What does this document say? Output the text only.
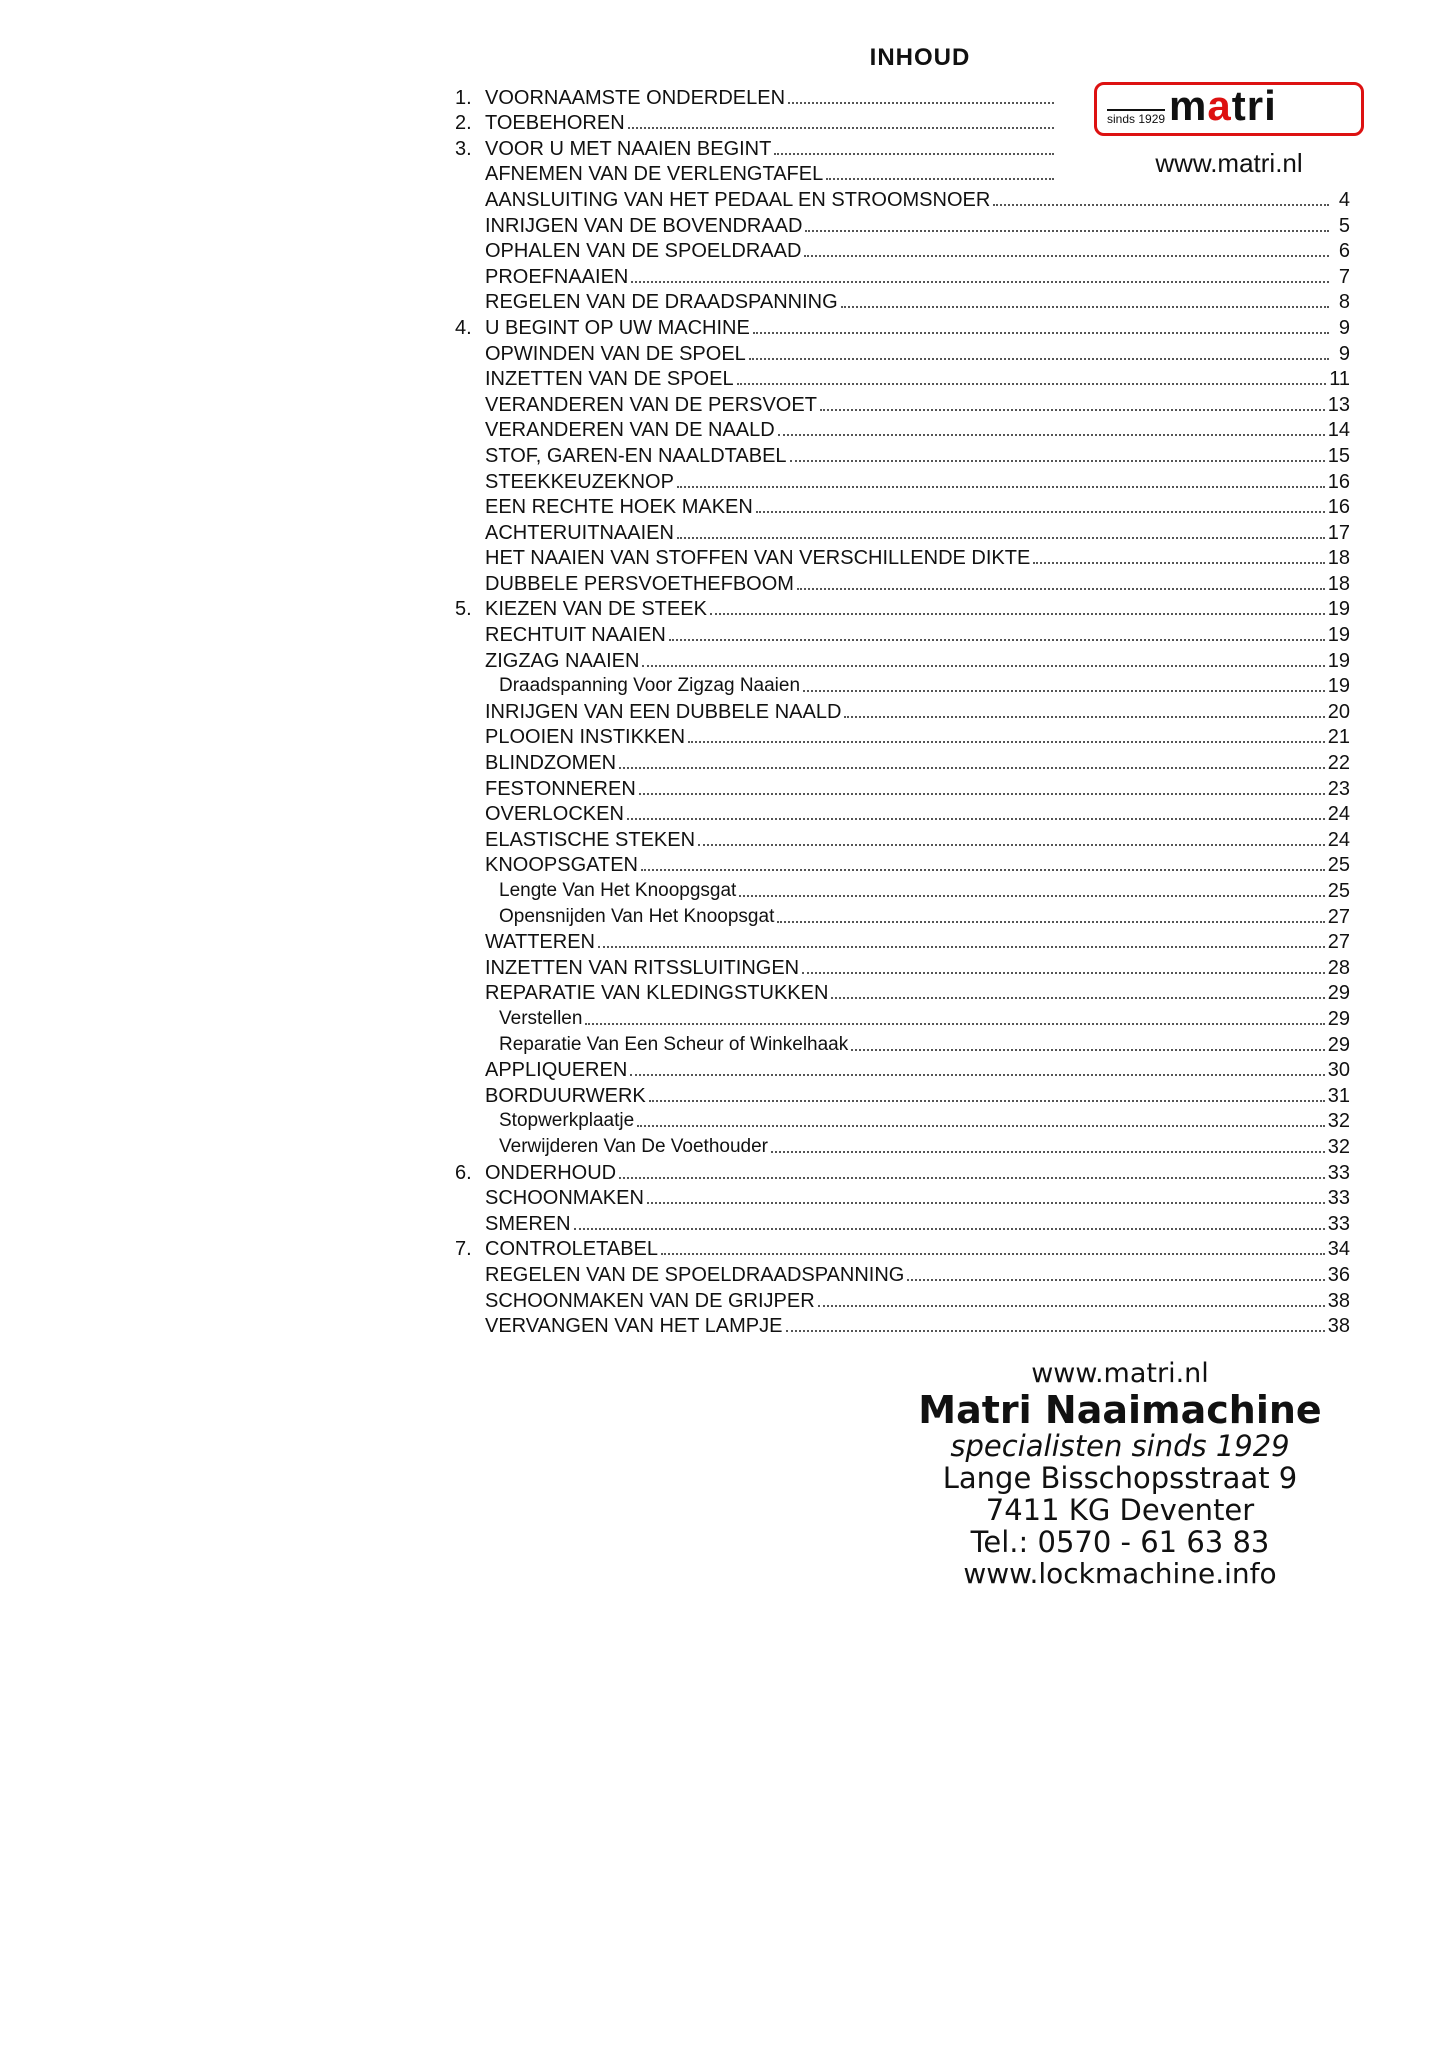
INHOUD
1. VOORNAAMSTE ONDERDELEN
2. TOEBEHOREN
3. VOOR U MET NAAIEN BEGINT
AFNEMEN VAN DE VERLENGTAFEL
AANSLUITING VAN HET PEDAAL EN STROOMSNOER	4
INRIJGEN VAN DE BOVENDRAAD	5
OPHALEN VAN DE SPOELDRAAD	6
PROEFNAAIEN	7
REGELEN VAN DE DRAADSPANNING	8
4. U BEGINT OP UW MACHINE	9
OPWINDEN VAN DE SPOEL	9
INZETTEN VAN DE SPOEL	11
VERANDEREN VAN DE PERSVOET	13
VERANDEREN VAN DE NAALD	14
STOF, GAREN-EN NAALDTABEL	15
STEEKKEUZEKNOP	16
EEN RECHTE HOEK MAKEN	16
ACHTERUITNAAIEN	17
HET NAAIEN VAN STOFFEN VAN VERSCHILLENDE DIKTE	18
DUBBELE PERSVOETHEFBOOM	18
5. KIEZEN VAN DE STEEK	19
RECHTUIT NAAIEN	19
ZIGZAG NAAIEN	19
Draadspanning Voor Zigzag Naaien	19
INRIJGEN VAN EEN DUBBELE NAALD	20
PLOOIEN INSTIKKEN	21
BLINDZOMEN	22
FESTONNEREN	23
OVERLOCKEN	24
ELASTISCHE STEKEN	24
KNOOPSGATEN	25
Lengte Van Het Knoopgsgat	25
Opensnijden Van Het Knoopsgat	27
WATTEREN	27
INZETTEN VAN RITSSLUITINGEN	28
REPARATIE VAN KLEDINGSTUKKEN	29
Verstellen	29
Reparatie Van Een Scheur of Winkelhaak	29
APPLIQUEREN	30
BORDUURWERK	31
Stopwerkplaatje	32
Verwijderen Van De Voethouder	32
6. ONDERHOUD	33
SCHOONMAKEN	33
SMEREN	33
7. CONTROLETABEL	34
REGELEN VAN DE SPOELDRAADSPANNING	36
SCHOONMAKEN VAN DE GRIJPER	38
VERVANGEN VAN HET LAMPJE	38
sinds 1929 matri
www.matri.nl
www.matri.nl
Matri Naaimachine
specialisten sinds 1929
Lange Bisschopsstraat 9
7411 KG Deventer
Tel.: 0570 - 61 63 83
www.lockmachine.info
